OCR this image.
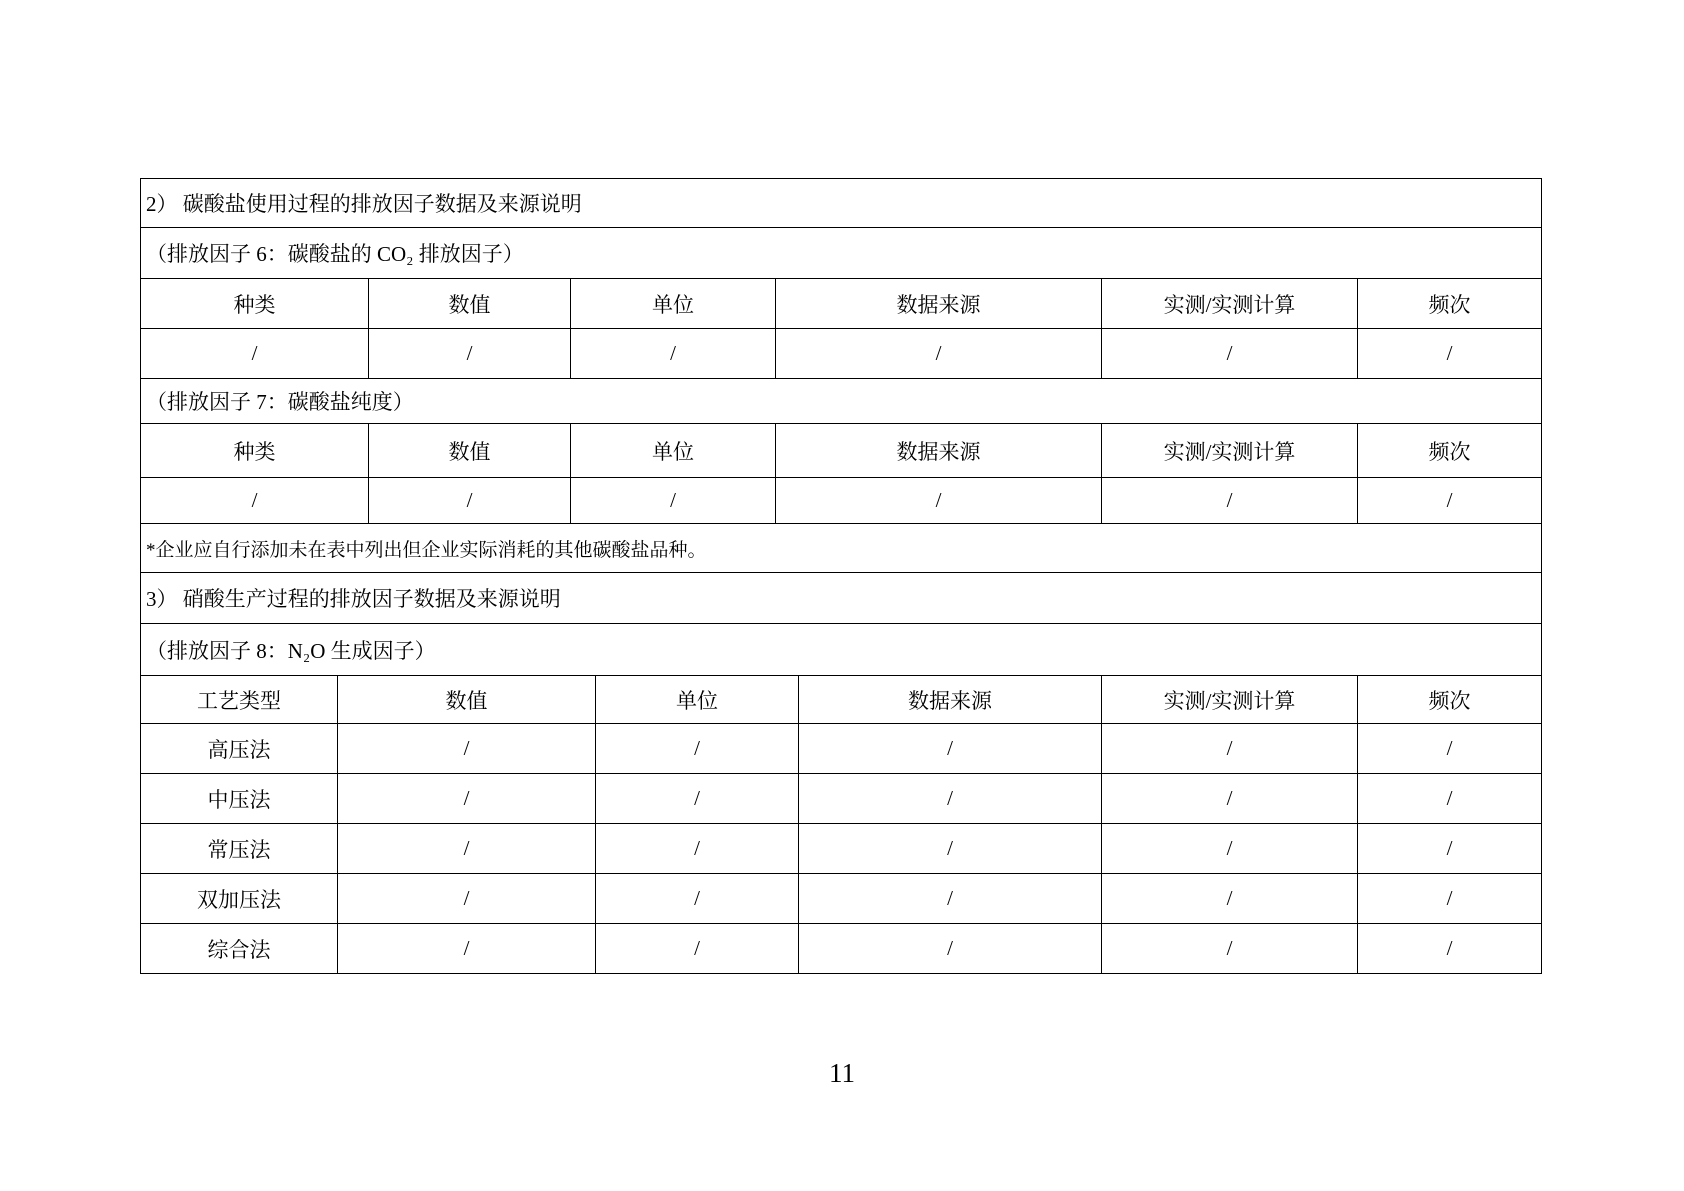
2） 碳酸盐使用过程的排放因子数据及来源说明					
（排放因子 6：碳酸盐的 CO₂ 排放因子）					
种类	数值	单位	数据来源	实测/实测计算	频次
/	/	/	/	/	/
（排放因子 7：碳酸盐纯度）					
种类	数值	单位	数据来源	实测/实测计算	频次
/	/	/	/	/	/
*企业应自行添加未在表中列出但企业实际消耗的其他碳酸盐品种。					
3） 硝酸生产过程的排放因子数据及来源说明					
（排放因子 8：N₂O 生成因子）					
工艺类型	数值	单位	数据来源	实测/实测计算	频次
高压法	/	/	/	/	/
中压法	/	/	/	/	/
常压法	/	/	/	/	/
双加压法	/	/	/	/	/
综合法	/	/	/	/	/
11
